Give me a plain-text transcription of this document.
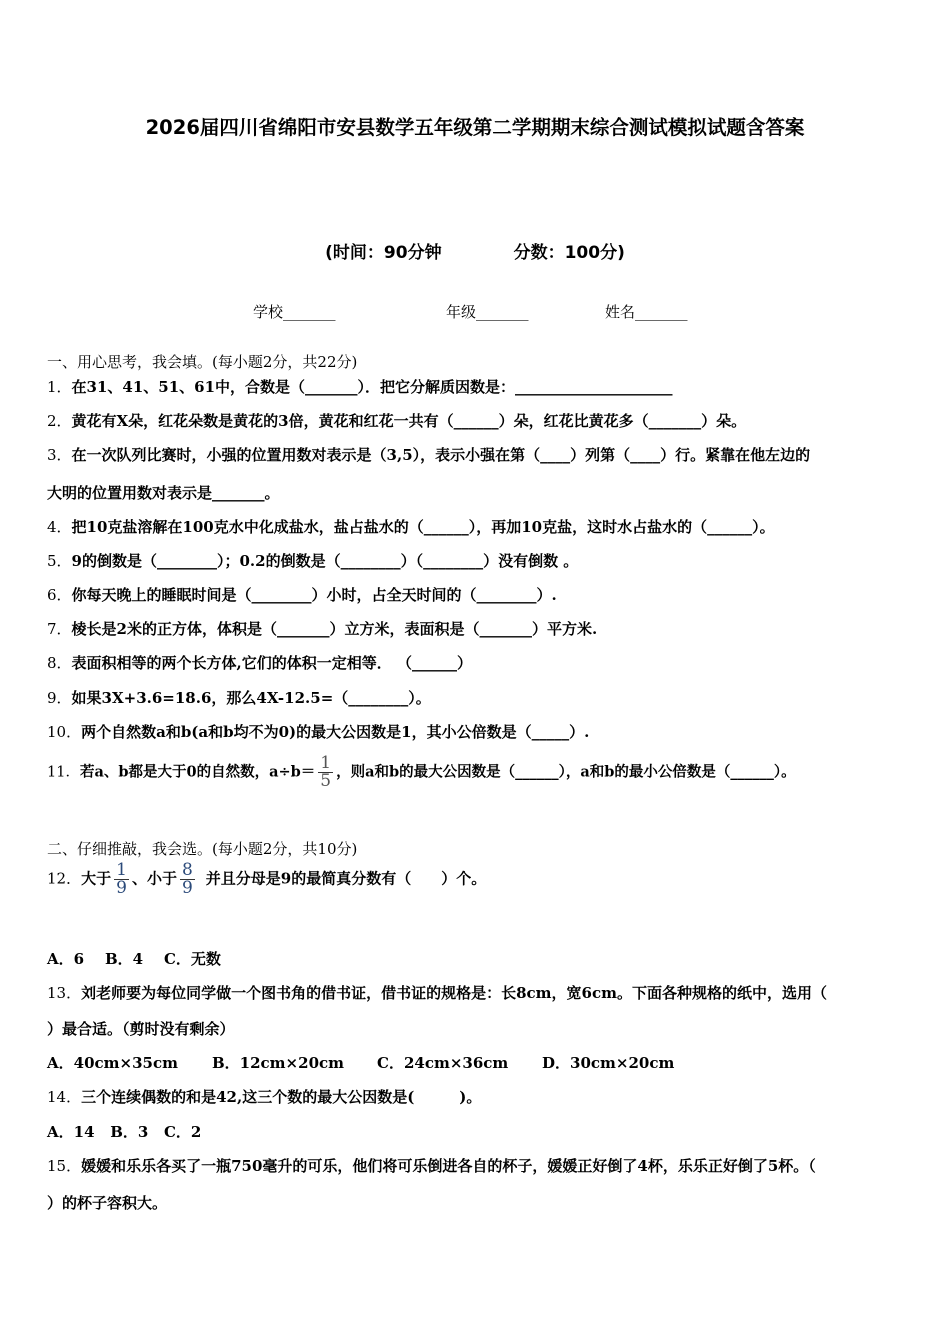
2026届四川省绵阳市安县数学五年级第二学期期末综合测试模拟试题含答案
(时间：90分钟	分数：100分)
学校_______	年级_______	姓名_______
一、用心思考，我会填。(每小题2分，共22分)
1．在31、41、51、61中，合数是（_______）．把它分解质因数是：_____________________
2．黄花有X朵，红花朵数是黄花的3倍，黄花和红花一共有（______）朵，红花比黄花多（_______）朵。
3．在一次队列比赛时，小强的位置用数对表示是（3,5），表示小强在第（____）列第（____）行。紧靠在他左边的
大明的位置用数对表示是_______。
4．把10克盐溶解在100克水中化成盐水，盐占盐水的（______），再加10克盐，这时水占盐水的（______）。
5．9的倒数是（________）；0.2的倒数是（________）（________）没有倒数 。
6．你每天晚上的睡眠时间是（________）小时，占全天时间的（________）.
7．棱长是2米的正方体，体积是（_______）立方米，表面积是（_______）平方米.
8．表面积相等的两个长方体,它们的体积一定相等． （______）
9．如果3X+3.6=18.6，那么4X-12.5=（________）。
10．两个自然数a和b(a和b均不为0)的最大公因数是1，其小公倍数是（_____）.
11．若a、b都是大于0的自然数，$a\div b= \frac{1}{5}$ ，则a和b的最大公因数是（______），a和b的最小公倍数是（______）。
二、仔细推敲，我会选。(每小题2分，共10分)
12．大于 $\frac{1}{9}$ 、小于 $\frac{8}{9}$ 并且分母是9的最简真分数有（　　）个。
A．6 B．4 C．无数
13．刘老师要为每位同学做一个图书角的借书证，借书证的规格是：长8cm，宽6cm。下面各种规格的纸中，选用（
）最合适。（剪时没有剩余）
A．40cm×35cm B．12cm×20cm C．24cm×36cm D．30cm×20cm
14．三个连续偶数的和是42,这三个数的最大公因数是(　　　)。
A．14 B．3 C．2
15．媛媛和乐乐各买了一瓶750毫升的可乐，他们将可乐倒进各自的杯子，媛媛正好倒了4杯，乐乐正好倒了5杯。（
）的杯子容积大。
